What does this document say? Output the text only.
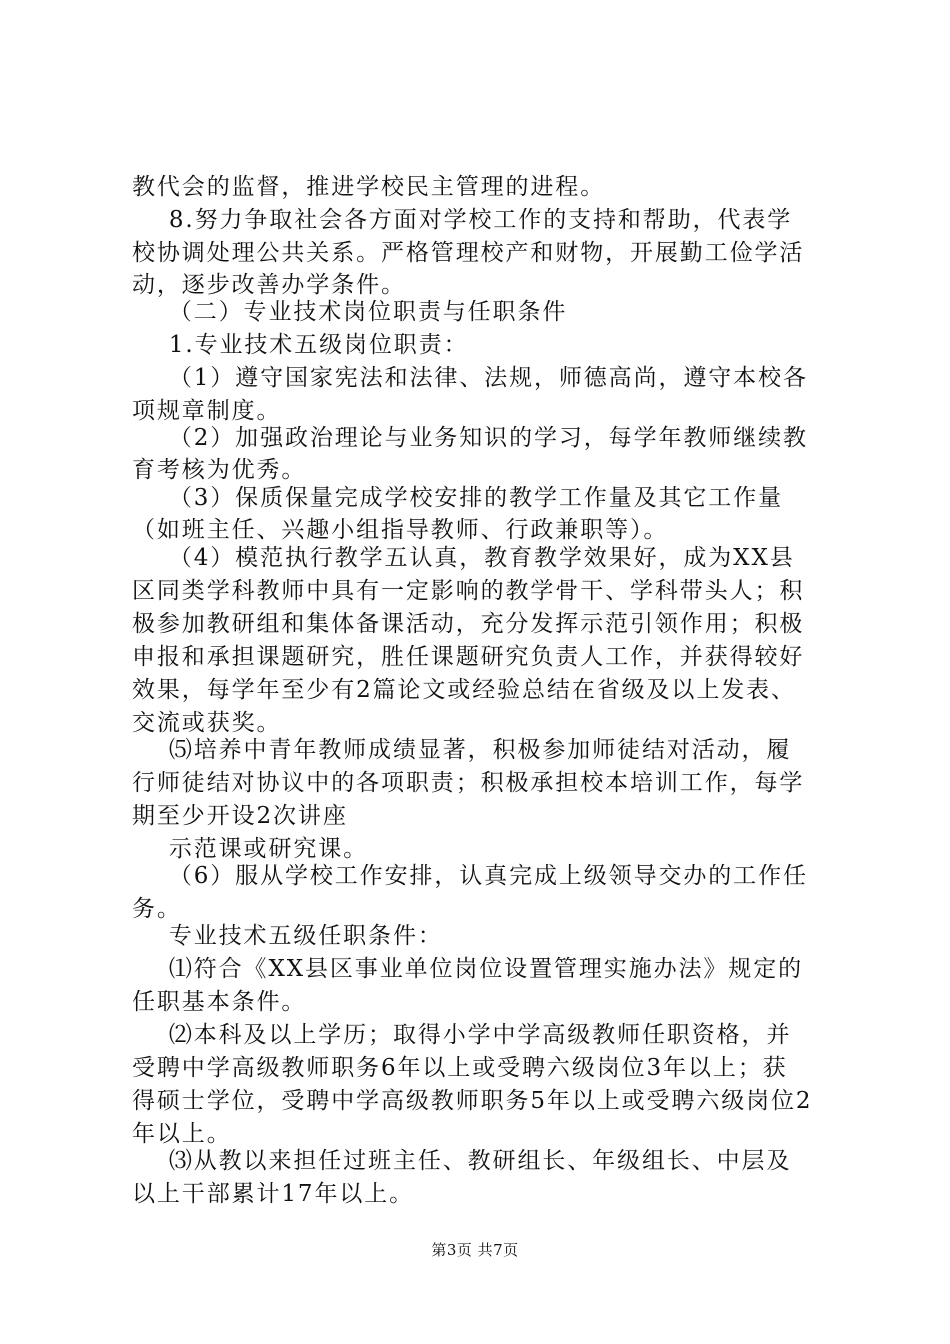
教代会的监督，推进学校民主管理的进程。
8.努力争取社会各方面对学校工作的支持和帮助，代表学
校协调处理公共关系。严格管理校产和财物，开展勤工俭学活
动，逐步改善办学条件。
（二）专业技术岗位职责与任职条件
1.专业技术五级岗位职责：
（1）遵守国家宪法和法律、法规，师德高尚，遵守本校各
项规章制度。
（2）加强政治理论与业务知识的学习，每学年教师继续教
育考核为优秀。
（3）保质保量完成学校安排的教学工作量及其它工作量
（如班主任、兴趣小组指导教师、行政兼职等）。
（4）模范执行教学五认真，教育教学效果好，成为XX县
区同类学科教师中具有一定影响的教学骨干、学科带头人；积
极参加教研组和集体备课活动，充分发挥示范引领作用；积极
申报和承担课题研究，胜任课题研究负责人工作，并获得较好
效果，每学年至少有2篇论文或经验总结在省级及以上发表、
交流或获奖。
⑸培养中青年教师成绩显著，积极参加师徒结对活动，履
行师徒结对协议中的各项职责；积极承担校本培训工作，每学
期至少开设2次讲座
示范课或研究课。
（6）服从学校工作安排，认真完成上级领导交办的工作任
务。
专业技术五级任职条件：
⑴符合《XX县区事业单位岗位设置管理实施办法》规定的
任职基本条件。
⑵本科及以上学历；取得小学中学高级教师任职资格，并
受聘中学高级教师职务6年以上或受聘六级岗位3年以上；获
得硕士学位，受聘中学高级教师职务5年以上或受聘六级岗位2
年以上。
⑶从教以来担任过班主任、教研组长、年级组长、中层及
以上干部累计17年以上。
第3页 共7页
